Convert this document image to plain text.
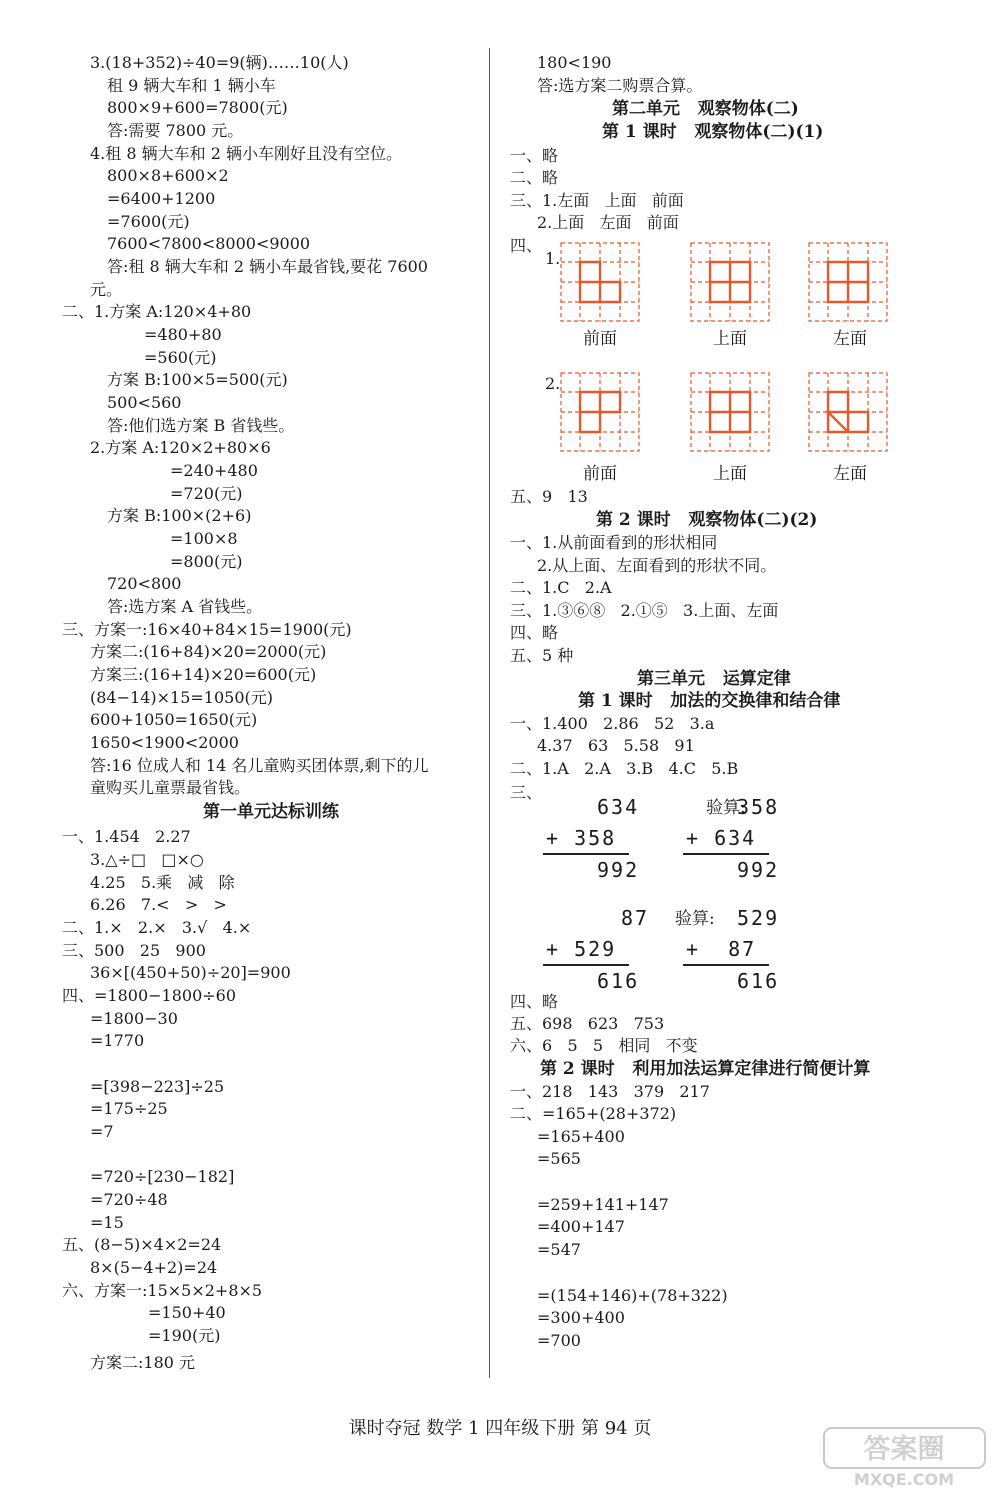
3.(18+352)÷40=9(辆)……10(人)
租 9 辆大车和 1 辆小车
800×9+600=7800(元)
答:需要 7800 元。
4.租 8 辆大车和 2 辆小车刚好且没有空位。
800×8+600×2
=6400+1200
=7600(元)
7600<7800<8000<9000
答:租 8 辆大车和 2 辆小车最省钱,要花 7600
元。
二、1.方案 A:120×4+80
=480+80
=560(元)
方案 B:100×5=500(元)
500<560
答:他们选方案 B 省钱些。
2.方案 A:120×2+80×6
=240+480
=720(元)
方案 B:100×(2+6)
=100×8
=800(元)
720<800
答:选方案 A 省钱些。
三、方案一:16×40+84×15=1900(元)
方案二:(16+84)×20=2000(元)
方案三:(16+14)×20=600(元)
(84−14)×15=1050(元)
600+1050=1650(元)
1650<1900<2000
答:16 位成人和 14 名儿童购买团体票,剩下的儿
童购买儿童票最省钱。
第一单元达标训练
一、1.454   2.27
3.△÷□   □×○
4.25   5.乘   减   除
6.26   7.<   >   >
二、1.×   2.×   3.√   4.×
三、500   25   900
36×[(450+50)÷20]=900
四、=1800−1800÷60
=1800−30
=1770
=[398−223]÷25
=175÷25
=7
=720÷[230−182]
=720÷48
=15
五、(8−5)×4×2=24
8×(5−4+2)=24
六、方案一:15×5×2+8×5
=150+40
=190(元)
方案二:180 元
180<190
答:选方案二购票合算。
第二单元   观察物体(二)
第 1 课时   观察物体(二)(1)
一、略
二、略
三、1.左面   上面   前面
2.上面   左面   前面
四、
1.
2.
前面	上面	左面
前面	上面	左面
五、9   13
第 2 课时   观察物体(二)(2)
一、1.从前面看到的形状相同
2.从上面、左面看到的形状不同。
二、1.C   2.A
三、1.③⑥⑧   2.①⑤   3.上面、左面
四、略
五、5 种
第三单元   运算定律
第 1 课时   加法的交换律和结合律
一、1.400   2.86   52   3.a
4.37   63   5.58   91
二、1.A   2.A   3.B   4.C   5.B
三、
634
+ 358
992
验算:
358
+ 634
992
87
+ 529
616
验算: 529
+  87
616
四、略
五、698   623   753
六、6   5   5   相同   不变
第 2 课时   利用加法运算定律进行简便计算
一、218   143   379   217
二、=165+(28+372)
=165+400
=565
=259+141+147
=400+147
=547
=(154+146)+(78+322)
=300+400
=700
课时夺冠 数学 1 四年级下册 第 94 页
答案圈
MXQE.COM
